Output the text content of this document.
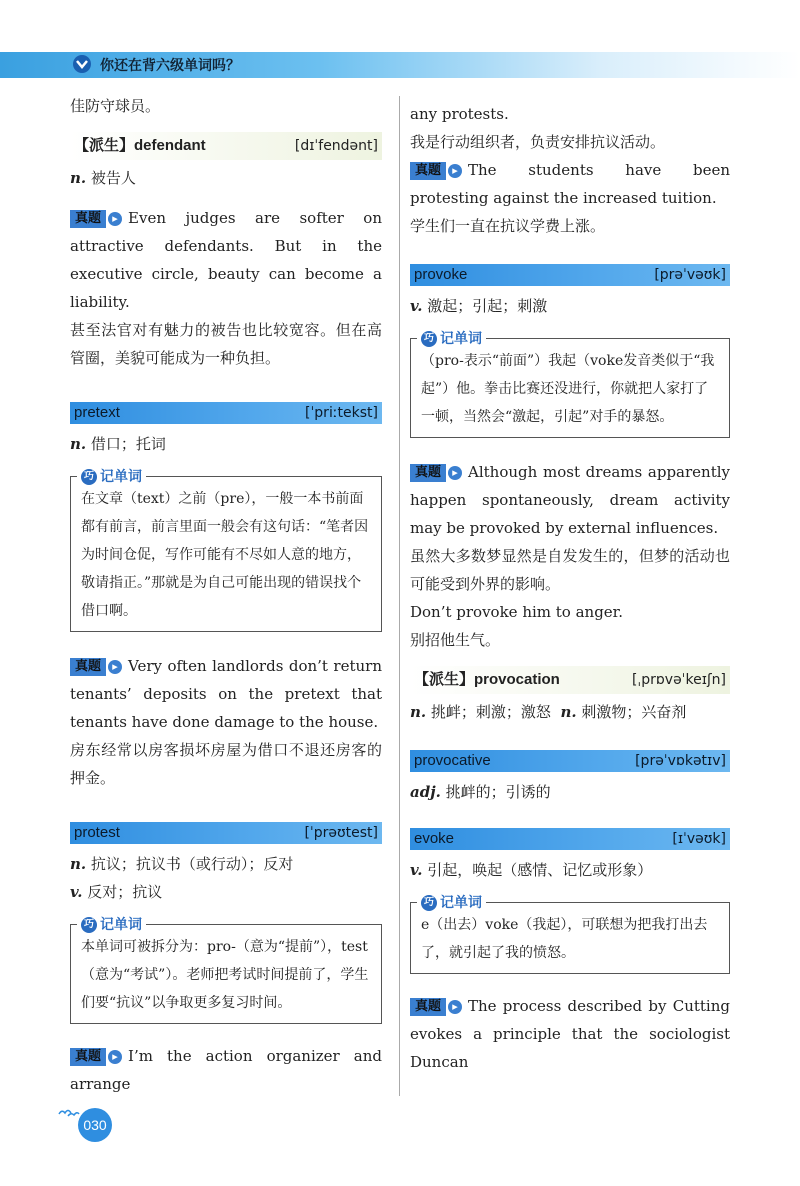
你还在背六级单词吗？

佳防守球员。

【派生】defendant	[dɪˈfendənt]

n. 被告人

真题	▸ Even judges are softer on attractive defendants. But in the executive circle, beauty can become a liability.

甚至法官对有魅力的被告也比较宽容。但在高管圈，美貌可能成为一种负担。

pretext	[ˈpriːtekst]

n. 借口；托词

巧 记单词
在文章（text）之前（pre），一般一本书前面都有前言，前言里面一般会有这句话：“笔者因为时间仓促，写作可能有不尽如人意的地方，敬请指正。”那就是为自己可能出现的错误找个借口啊。

真题	▸ Very often landlords don’t return tenants’ deposits on the pretext that tenants have done damage to the house.

房东经常以房客损坏房屋为借口不退还房客的押金。

protest	[ˈprəʊtest]

n. 抗议；抗议书（或行动）；反对

v. 反对；抗议

巧 记单词
本单词可被拆分为：pro-（意为“提前”），test（意为“考试”）。老师把考试时间提前了，学生们要“抗议”以争取更多复习时间。

真题	▸ I’m the action organizer and arrange

any protests.

我是行动组织者，负责安排抗议活动。

真题	▸ The students have been protesting against the increased tuition.

学生们一直在抗议学费上涨。

provoke	[prəˈvəʊk]

v. 激起；引起；刺激

巧 记单词
（pro-表示“前面”）我起（voke发音类似于“我起”）他。拳击比赛还没进行，你就把人家打了一顿，当然会“激起，引起”对手的暴怒。

真题	▸ Although most dreams apparently happen spontaneously, dream activity may be provoked by external influences.

虽然大多数梦显然是自发发生的，但梦的活动也可能受到外界的影响。

Don’t provoke him to anger.

别招他生气。

【派生】provocation	[ˌprɒvəˈkeɪʃn]

n. 挑衅；刺激；激怒 n. 刺激物；兴奋剂

provocative	[prəˈvɒkətɪv]

adj. 挑衅的；引诱的

evoke	[ɪˈvəʊk]

v. 引起，唤起（感情、记忆或形象）

巧 记单词
e（出去）voke（我起），可联想为把我打出去了，就引起了我的愤怒。

真题	▸ The process described by Cutting evokes a principle that the sociologist Duncan

030
